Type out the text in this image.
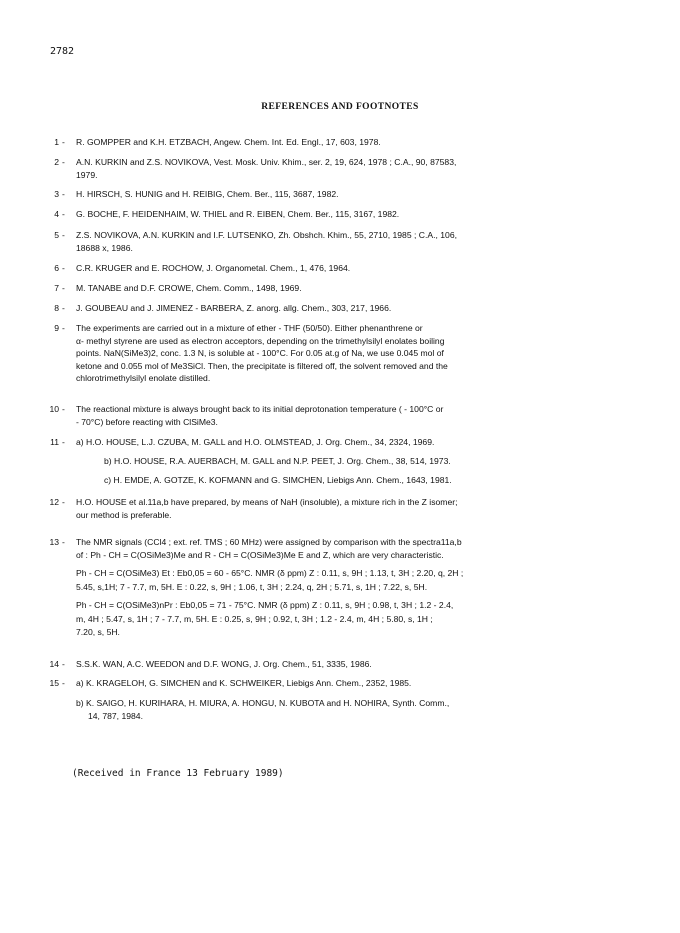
2782
REFERENCES AND FOOTNOTES
1 - R. GOMPPER and K.H. ETZBACH, Angew. Chem. Int. Ed. Engl., 17, 603, 1978.
2 - A.N. KURKIN and Z.S. NOVIKOVA, Vest. Mosk. Univ. Khim., ser. 2, 19, 624, 1978 ; C.A., 90, 87583,
1979.
3 - H. HIRSCH, S. HUNIG and H. REIBIG, Chem. Ber., 115, 3687, 1982.
4 - G. BOCHE, F. HEIDENHAIM, W. THIEL and R. EIBEN, Chem. Ber., 115, 3167, 1982.
5 - Z.S. NOVIKOVA, A.N. KURKIN and I.F. LUTSENKO, Zh. Obshch. Khim., 55, 2710, 1985 ; C.A., 106,
18688 x, 1986.
6 - C.R. KRUGER and E. ROCHOW, J. Organometal. Chem., 1, 476, 1964.
7 - M. TANABE and D.F. CROWE, Chem. Comm., 1498, 1969.
8 - J. GOUBEAU and J. JIMENEZ - BARBERA, Z. anorg. allg. Chem., 303, 217, 1966.
9 - The experiments are carried out in a mixture of ether - THF (50/50). Either phenanthrene or
α- methyl styrene are used as electron acceptors, depending on the trimethylsilyl enolates boiling
points. NaN(SiMe3)2, conc. 1.3 N, is soluble at - 100°C. For 0.05 at.g of Na, we use 0.045 mol of
ketone and 0.055 mol of Me3SiCl. Then, the precipitate is filtered off, the solvent removed and the
chlorotrimethylsilyl enolate distilled.
10 - The reactional mixture is always brought back to its initial deprotonation temperature ( - 100°C or
- 70°C) before reacting with ClSiMe3.
11 - a) H.O. HOUSE, L.J. CZUBA, M. GALL and H.O. OLMSTEAD, J. Org. Chem., 34, 2324, 1969.
b) H.O. HOUSE, R.A. AUERBACH, M. GALL and N.P. PEET, J. Org. Chem., 38, 514, 1973.
c) H. EMDE, A. GOTZE, K. KOFMANN and G. SIMCHEN, Liebigs Ann. Chem., 1643, 1981.
12 - H.O. HOUSE et al.11a,b have prepared, by means of NaH (insoluble), a mixture rich in the Z isomer;
our method is preferable.
13 - The NMR signals (CCl4 ; ext. ref. TMS ; 60 MHz) were assigned by comparison with the spectra11a,b
of : Ph - CH = C(OSiMe3)Me and R - CH = C(OSiMe3)Me E and Z, which are very characteristic.
Ph - CH = C(OSiMe3) Et : Eb0,05 = 60 - 65°C. NMR (δ ppm) Z : 0.11, s, 9H ; 1.13, t, 3H ; 2.20, q, 2H ;
5.45, s,1H; 7 - 7.7, m, 5H. E : 0.22, s, 9H ; 1.06, t, 3H ; 2.24, q, 2H ; 5.71, s, 1H ; 7.22, s, 5H.
Ph - CH = C(OSiMe3)nPr : Eb0,05 = 71 - 75°C. NMR (δ ppm) Z : 0.11, s, 9H ; 0.98, t, 3H ; 1.2 - 2.4,
m, 4H ; 5.47, s, 1H ; 7 - 7.7, m, 5H. E : 0.25, s, 9H ; 0.92, t, 3H ; 1.2 - 2.4, m, 4H ; 5.80, s, 1H ;
7.20, s, 5H.
14 - S.S.K. WAN, A.C. WEEDON and D.F. WONG, J. Org. Chem., 51, 3335, 1986.
15 - a) K. KRAGELOH, G. SIMCHEN and K. SCHWEIKER, Liebigs Ann. Chem., 2352, 1985.
b) K. SAIGO, H. KURIHARA, H. MIURA, A. HONGU, N. KUBOTA and H. NOHIRA, Synth. Comm.,
14, 787, 1984.
(Received in France 13 February 1989)
